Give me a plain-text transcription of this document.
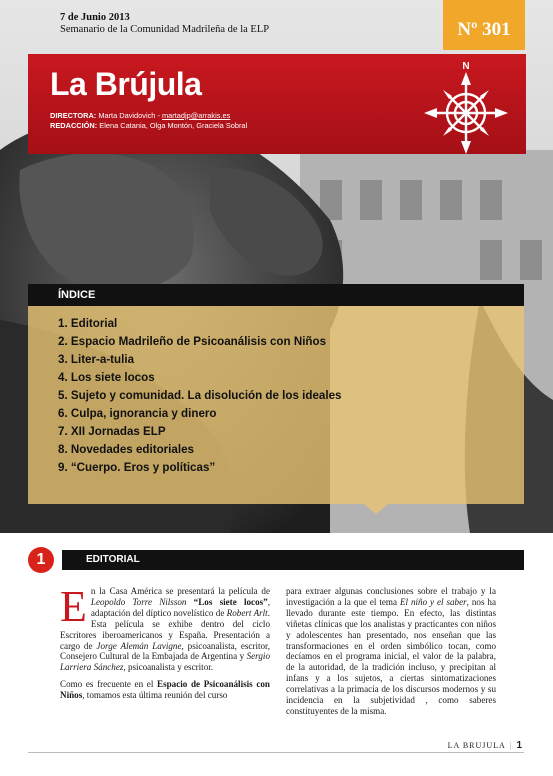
7 de Junio 2013
Semanario de la Comunidad Madrileña de la ELP	Nº 301
La Brújula
DIRECTORA: Marta Davidovich - martadjp@arrakis.es
REDACCIÓN: Elena Catania, Olga Montón, Graciela Sobral
N
ÍNDICE
1. Editorial
2. Espacio Madrileño de Psicoanálisis con Niños
3. Liter-a-tulia
4. Los siete locos
5. Sujeto y comunidad. La disolución de los ideales
6. Culpa, ignorancia y dinero
7. XII Jornadas ELP
8. Novedades editoriales
9. “Cuerpo. Eros y políticas”
1	EDITORIAL

En la Casa América se presentará la película de Leopoldo Torre Nilsson “Los siete locos”, adaptación del díptico novelístico de Robert Arlt. Esta película se exhibe dentro del ciclo Escritores iberoamericanos y España. Presentación a cargo de Jorge Alemán Lavigne, psicoanalista, escritor, Consejero Cultural de la Embajada de Argentina y Sergio Larriera Sánchez, psicoanalista y escritor.

Como es frecuente en el Espacio de Psicoanálisis con Niños, tomamos esta última reunión del curso

para extraer algunas conclusiones sobre el trabajo y la investigación a la que el tema El niño y el saber, nos ha llevado durante este tiempo. En efecto, las distintas viñetas clínicas que los analistas y practicantes con niños y adolescentes han presentado, nos enseñan que las transformaciones en el orden simbólico tocan, como decíamos en el programa inicial, el valor de la palabra, de la autoridad, de la tradición incluso, y precipitan al infans y a los sujetos, a ciertas sintomatizaciones correlativas a la primacía de los discursos modernos y su incidencia en la subjetividad , como saberes constituyentes de la misma.

LA BRUJULA | 1
